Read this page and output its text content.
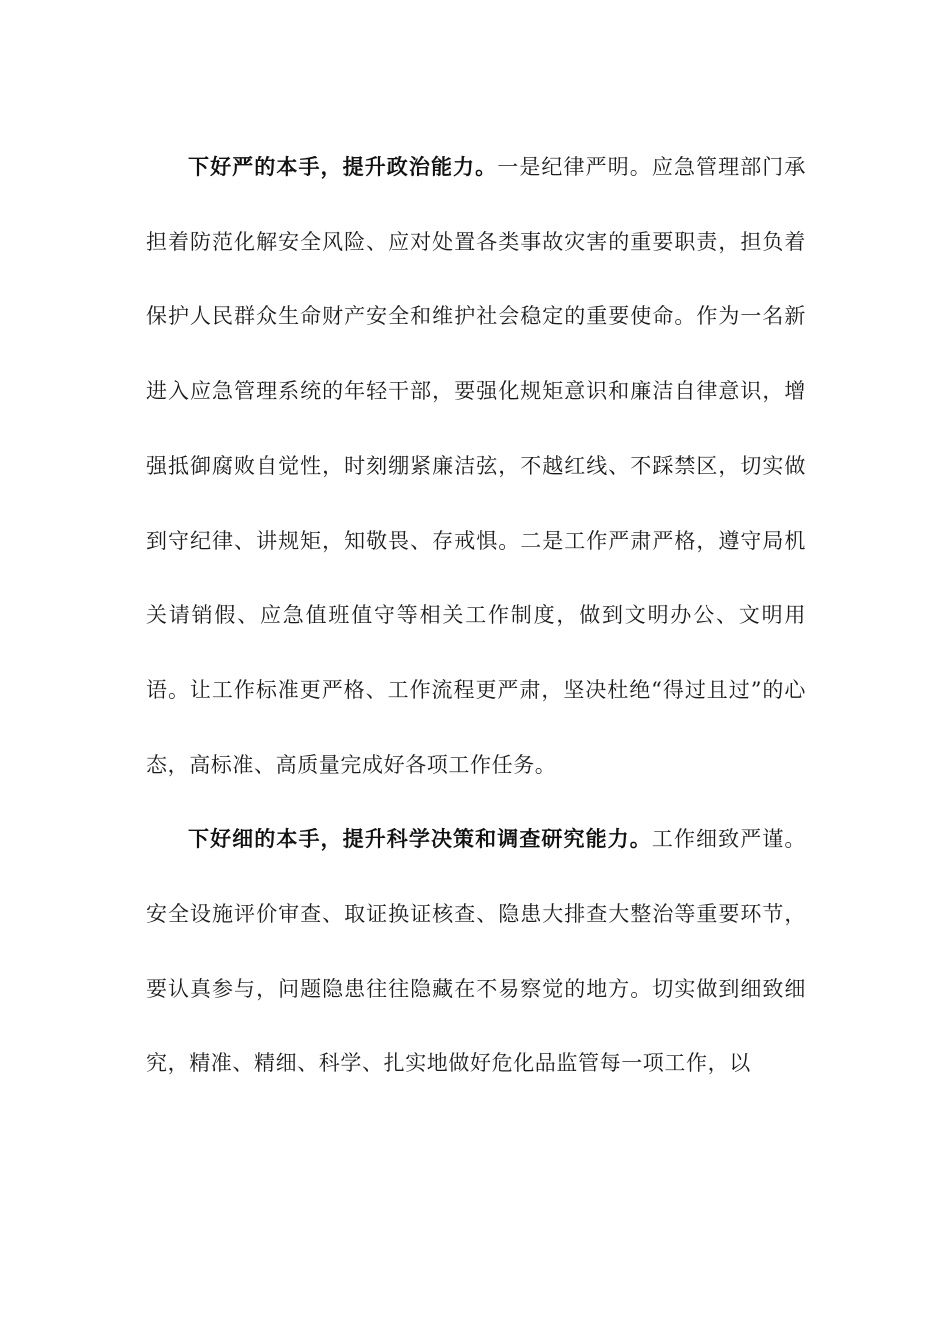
下好严的本手，提升政治能力。一是纪律严明。应急管理部门承担着防范化解安全风险、应对处置各类事故灾害的重要职责，担负着保护人民群众生命财产安全和维护社会稳定的重要使命。作为一名新进入应急管理系统的年轻干部，要强化规矩意识和廉洁自律意识，增强抵御腐败自觉性，时刻绷紧廉洁弦，不越红线、不踩禁区，切实做到守纪律、讲规矩，知敬畏、存戒惧。二是工作严肃严格，遵守局机关请销假、应急值班值守等相关工作制度，做到文明办公、文明用语。让工作标准更严格、工作流程更严肃，坚决杜绝“得过且过”的心态，高标准、高质量完成好各项工作任务。

下好细的本手，提升科学决策和调查研究能力。工作细致严谨。安全设施评价审查、取证换证核查、隐患大排查大整治等重要环节，要认真参与，问题隐患往往隐藏在不易察觉的地方。切实做到细致细究，精准、精细、科学、扎实地做好危化品监管每一项工作，以
